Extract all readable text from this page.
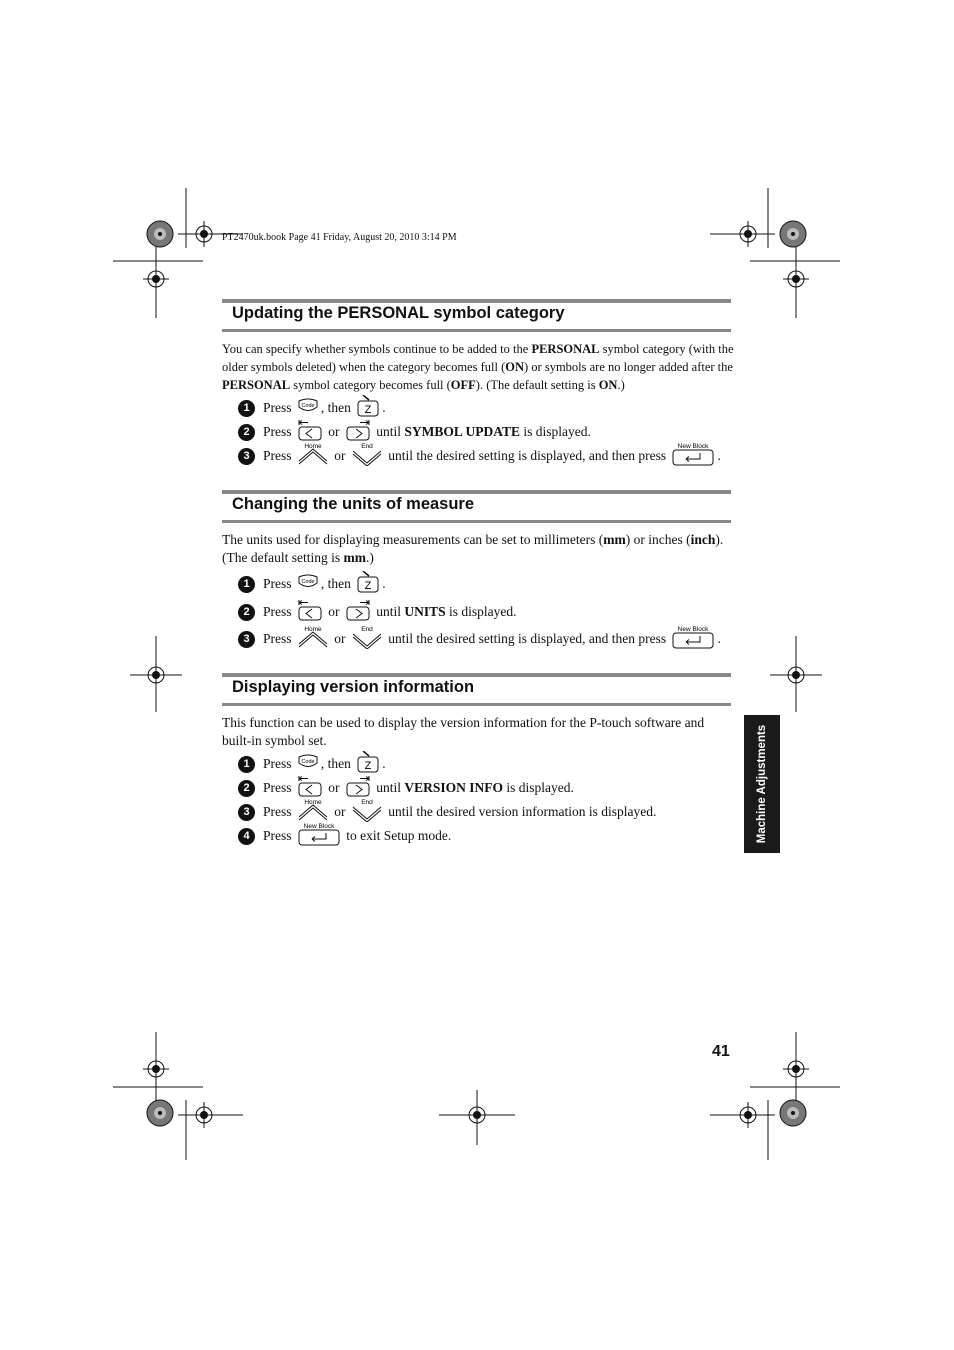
PT2470uk.book Page 41 Friday, August 20, 2010 3:14 PM
Updating the PERSONAL symbol category
You can specify whether symbols continue to be added to the PERSONAL symbol category (with the older symbols deleted) when the category becomes full (ON) or symbols are no longer added after the PERSONAL symbol category becomes full (OFF). (The default setting is ON.)
1 Press Code , then Z .
2 Press or until SYMBOL UPDATE is displayed.
3 Press
Home
or
End
until the desired setting is displayed, and then press
New Block
.
Changing the units of measure
The units used for displaying measurements can be set to millimeters (mm) or inches (inch). (The default setting is mm.)
1 Press Code , then Z .
2 Press or until UNITS is displayed.
3 Press
Home
or
End
until the desired setting is displayed, and then press
New Block
.
Displaying version information
This function can be used to display the version information for the P-touch software and built-in symbol set.
1 Press Code , then Z .
2 Press or until VERSION INFO is displayed.
3 Press
Home
or
End
until the desired version information is displayed.
4 Press
New Block
to exit Setup mode.	Machine Adjustments
41
